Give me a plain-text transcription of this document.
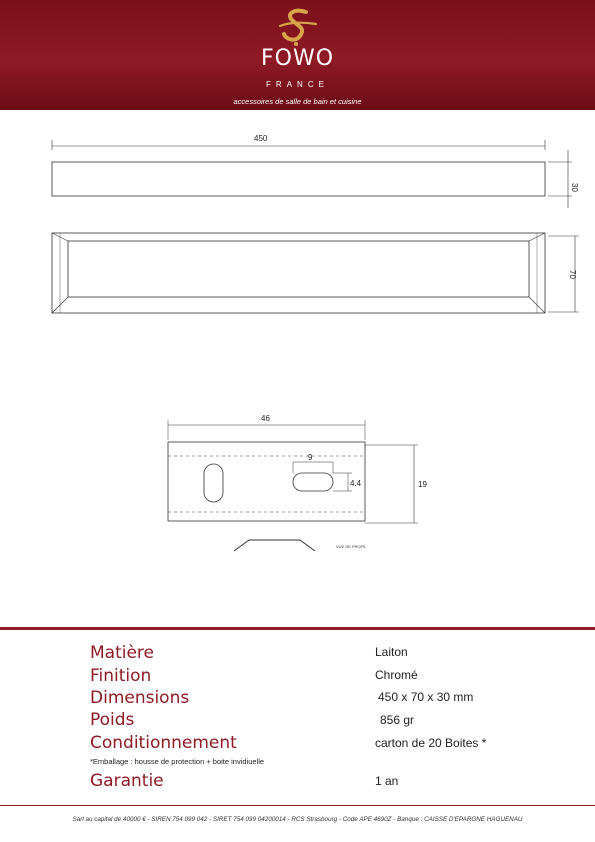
FOWO
FRANCE
accessoires de salle de bain et cuisine
450
30
70
46
9
4.4	19
VUE DE PROFIL
Matière	Laiton
Finition	Chromé
Dimensions	450 x 70 x 30 mm
Poids	856 gr
Conditionnement	carton de 20 Boites *
*Emballage : housse de protection + boite invidiuelle
Garantie	1 an
Sarl au capital de 40000 € - SIREN 754 099 042 - SIRET 754 099 04200014 - RCS Strasbourg - Code APE 4690Z - Banque : CAISSE D'EPARGNE HAGUENAU
